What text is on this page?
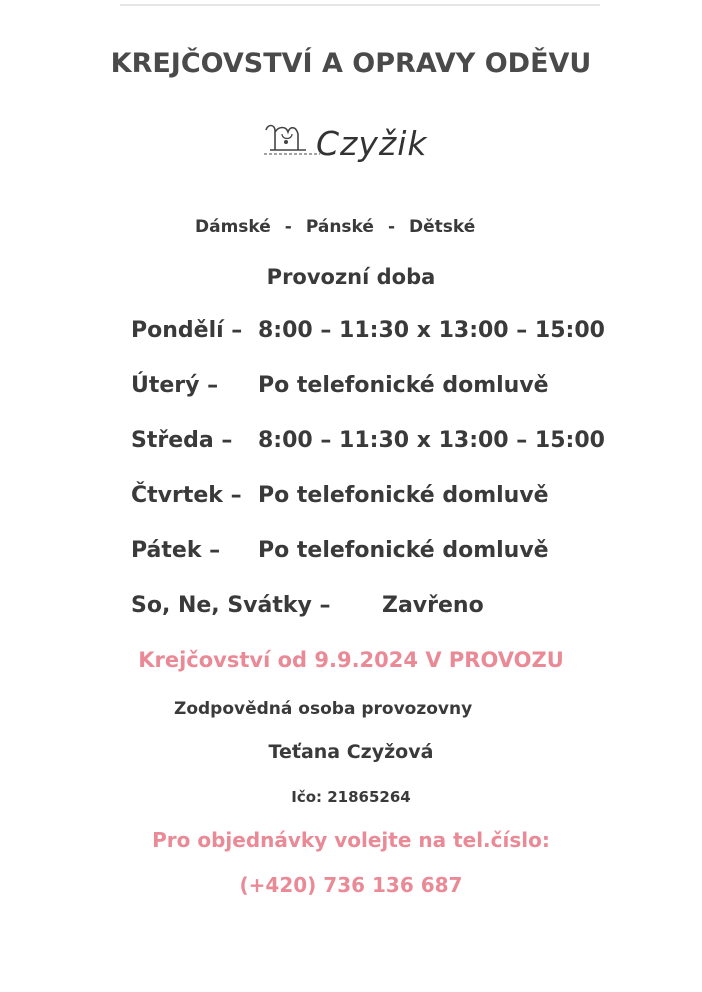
KREJČOVSTVÍ A OPRAVY ODĚVU
Czyžik
Dámské - Pánské - Dětské
Provozní doba
Pondělí – 8:00 – 11:30 x 13:00 – 15:00
Úterý – Po telefonické domluvě
Středa – 8:00 – 11:30 x 13:00 – 15:00
Čtvrtek – Po telefonické domluvě
Pátek – Po telefonické domluvě
So, Ne, Svátky – Zavřeno
Krejčovství od 9.9.2024 V PROVOZU
Zodpovědná osoba provozovny
Teťana Czyžová
Ičo: 21865264
Pro objednávky volejte na tel.číslo:
(+420) 736 136 687
